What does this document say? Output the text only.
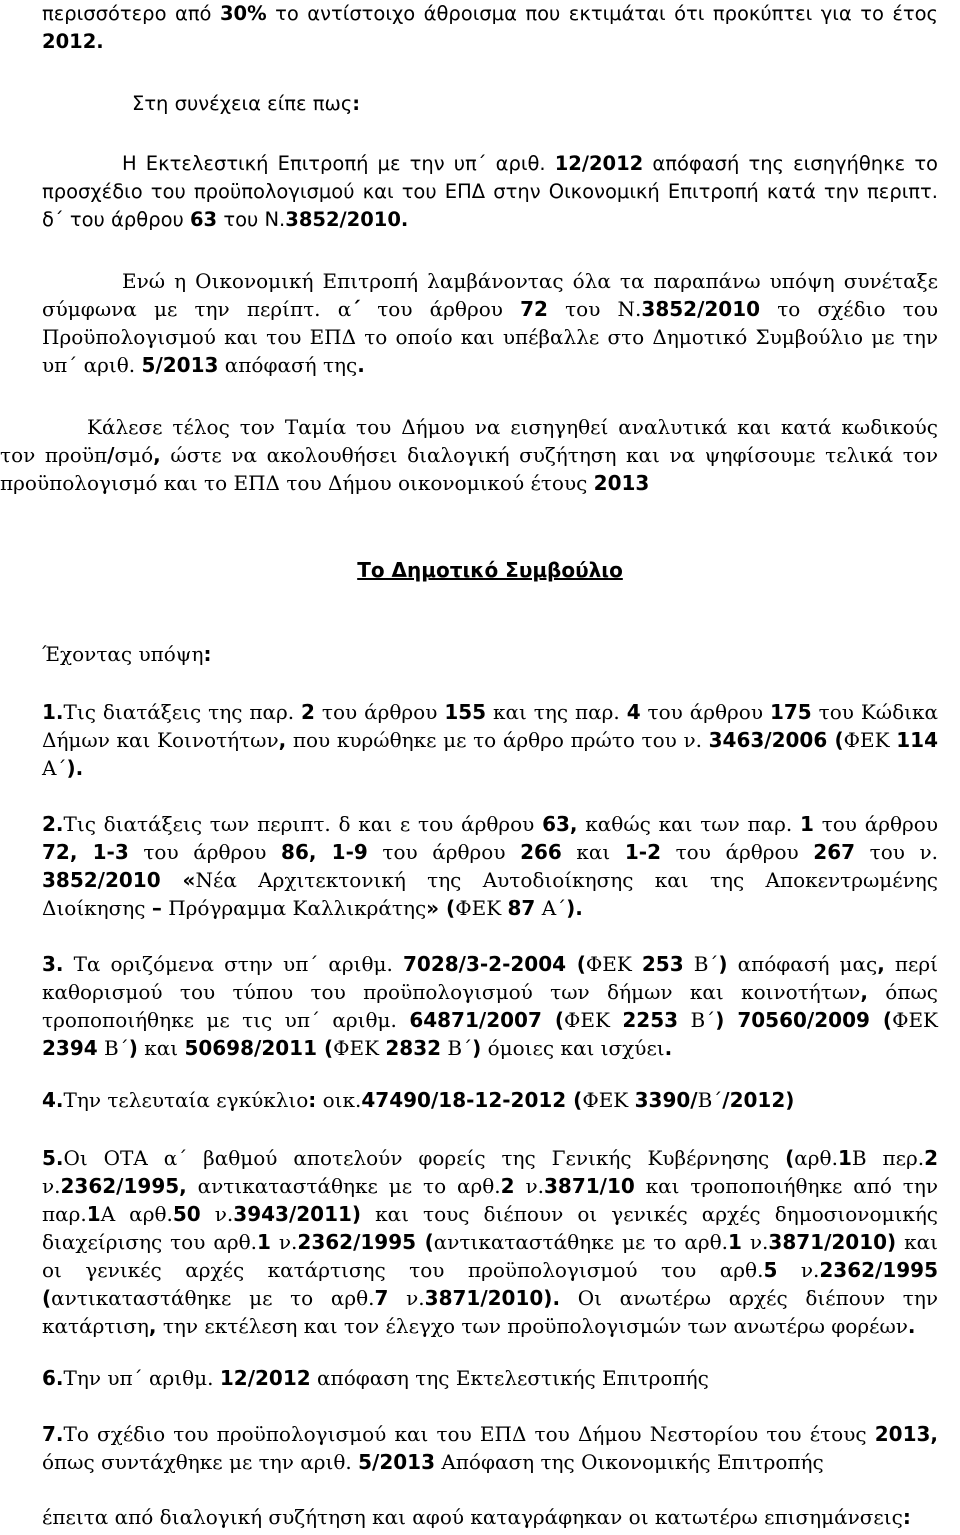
περισσότερο από 30% το αντίστοιχο άθροισμα που εκτιμάται ότι προκύπτει για το έτος 2012.

Στη συνέχεια είπε πως:

Η Εκτελεστική Επιτροπή με την υπ΄ αριθ. 12/2012 απόφασή της εισηγήθηκε το προσχέδιο του προϋπολογισμού και του ΕΠΔ στην Οικονομική Επιτροπή κατά την περιπτ. δ΄ του άρθρου 63 του Ν.3852/2010.

Ενώ η Οικονομική Επιτροπή λαμβάνοντας όλα τα παραπάνω υπόψη συνέταξε σύμφωνα με την περίπτ. α΄ του άρθρου 72 του Ν.3852/2010 το σχέδιο του Προϋπολογισμού και του ΕΠΔ το οποίο και υπέβαλλε στο Δημοτικό Συμβούλιο με την υπ΄ αριθ. 5/2013 απόφασή της.

Κάλεσε τέλος τον Ταμία του Δήμου να εισηγηθεί αναλυτικά και κατά κωδικούς τον προϋπ/σμό, ώστε να ακολουθήσει διαλογική συζήτηση και να ψηφίσουμε τελικά τον προϋπολογισμό και το ΕΠΔ του Δήμου οικονομικού έτους 2013

Το Δημοτικό Συμβούλιο

Έχοντας υπόψη:

1.Τις διατάξεις της παρ. 2 του άρθρου 155 και της παρ. 4 του άρθρου 175 του Κώδικα Δήμων και Κοινοτήτων, που κυρώθηκε με το άρθρο πρώτο του ν. 3463/2006 (ΦΕΚ 114 Α΄).

2.Τις διατάξεις των περιπτ. δ και ε του άρθρου 63, καθώς και των παρ. 1 του άρθρου 72, 1-3 του άρθρου 86, 1-9 του άρθρου 266 και 1-2 του άρθρου 267 του ν. 3852/2010 «Νέα Αρχιτεκτονική της Αυτοδιοίκησης και της Αποκεντρωμένης Διοίκησης – Πρόγραμμα Καλλικράτης» (ΦΕΚ 87 Α΄).

3. Τα οριζόμενα στην υπ΄ αριθμ. 7028/3-2-2004 (ΦΕΚ 253 Β΄) απόφασή μας, περί καθορισμού του τύπου του προϋπολογισμού των δήμων και κοινοτήτων, όπως τροποποιήθηκε με τις υπ΄ αριθμ. 64871/2007 (ΦΕΚ 2253 Β΄) 70560/2009 (ΦΕΚ 2394 Β΄) και 50698/2011 (ΦΕΚ 2832 Β΄) όμοιες και ισχύει.

4.Την τελευταία εγκύκλιο: οικ.47490/18-12-2012 (ΦΕΚ 3390/Β΄/2012)

5.Οι ΟΤΑ α΄ βαθμού αποτελούν φορείς της Γενικής Κυβέρνησης (αρθ.1Β περ.2 ν.2362/1995, αντικαταστάθηκε με το αρθ.2 ν.3871/10 και τροποποιήθηκε από την παρ.1Α αρθ.50 ν.3943/2011) και τους διέπουν οι γενικές αρχές δημοσιονομικής διαχείρισης του αρθ.1 ν.2362/1995 (αντικαταστάθηκε με το αρθ.1 ν.3871/2010) και οι γενικές αρχές κατάρτισης του προϋπολογισμού του αρθ.5 ν.2362/1995 (αντικαταστάθηκε με το αρθ.7 ν.3871/2010). Οι ανωτέρω αρχές διέπουν την κατάρτιση, την εκτέλεση και τον έλεγχο των προϋπολογισμών των ανωτέρω φορέων.

6.Την υπ΄ αριθμ. 12/2012 απόφαση της Εκτελεστικής Επιτροπής

7.Το σχέδιο του προϋπολογισμού και του ΕΠΔ του Δήμου Νεστορίου του έτους 2013, όπως συντάχθηκε με την αριθ. 5/2013 Απόφαση της Οικονομικής Επιτροπής

έπειτα από διαλογική συζήτηση και αφού καταγράφηκαν οι κατωτέρω επισημάνσεις:
